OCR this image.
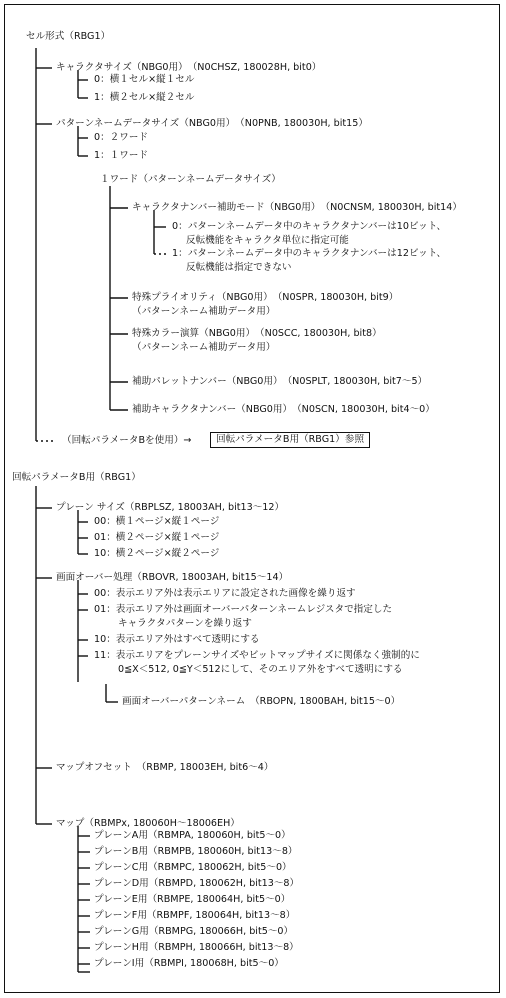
セル形式（RBG1）
キャラクタサイズ（NBG0用）　（N0CHSZ, 180028H, bit0）
0：横１セル×縦１セル
1：横２セル×縦２セル
パターンネームデータサイズ（NBG0用）　（N0PNB, 180030H, bit15）
0：２ワード
1：１ワード
１ワード（パターンネームデータサイズ）
キャラクタナンバー補助モード（NBG0用）　（N0CNSM, 180030H, bit14）
0：パターンネームデータ中のキャラクタナンバーは10ビット、
反転機能をキャラクタ単位に指定可能
1：パターンネームデータ中のキャラクタナンバーは12ビット、
反転機能は指定できない
特殊プライオリティ（NBG0用）　（N0SPR, 180030H, bit9）
（パターンネーム補助データ用）
特殊カラー演算（NBG0用）　（N0SCC, 180030H, bit8）
（パターンネーム補助データ用）
補助パレットナンバー（NBG0用）　（N0SPLT, 180030H, bit7～5）
補助キャラクタナンバー（NBG0用）　（N0SCN, 180030H, bit4～0）
（回転パラメータBを使用）→	回転パラメータB用（RBG1）参照
回転パラメータB用（RBG1）
プレーン サイズ（RBPLSZ, 18003AH, bit13～12）
00：横１ページ×縦１ページ
01：横２ページ×縦１ページ
10：横２ページ×縦２ページ
画面オーバー処理（RBOVR, 18003AH, bit15～14）
00：表示エリア外は表示エリアに設定された画像を繰り返す
01：表示エリア外は画面オーバーパターンネームレジスタで指定した
キャラクタパターンを繰り返す
10：表示エリア外はすべて透明にする
11：表示エリアをプレーンサイズやビットマップサイズに関係なく強制的に
0≦X＜512, 0≦Y＜512にして、そのエリア外をすべて透明にする
画面オーバーパターンネーム　（RBOPN, 1800BAH, bit15～0）
マップオフセット　（RBMP, 18003EH, bit6～4）
マップ（RBMPx, 180060H～18006EH）
プレーンA用（RBMPA, 180060H, bit5～0）
プレーンB用（RBMPB, 180060H, bit13～8）
プレーンC用（RBMPC, 180062H, bit5～0）
プレーンD用（RBMPD, 180062H, bit13～8）
プレーンE用（RBMPE, 180064H, bit5～0）
プレーンF用（RBMPF, 180064H, bit13～8）
プレーンG用（RBMPG, 180066H, bit5～0）
プレーンH用（RBMPH, 180066H, bit13～8）
プレーンI用（RBMPI, 180068H, bit5～0）
